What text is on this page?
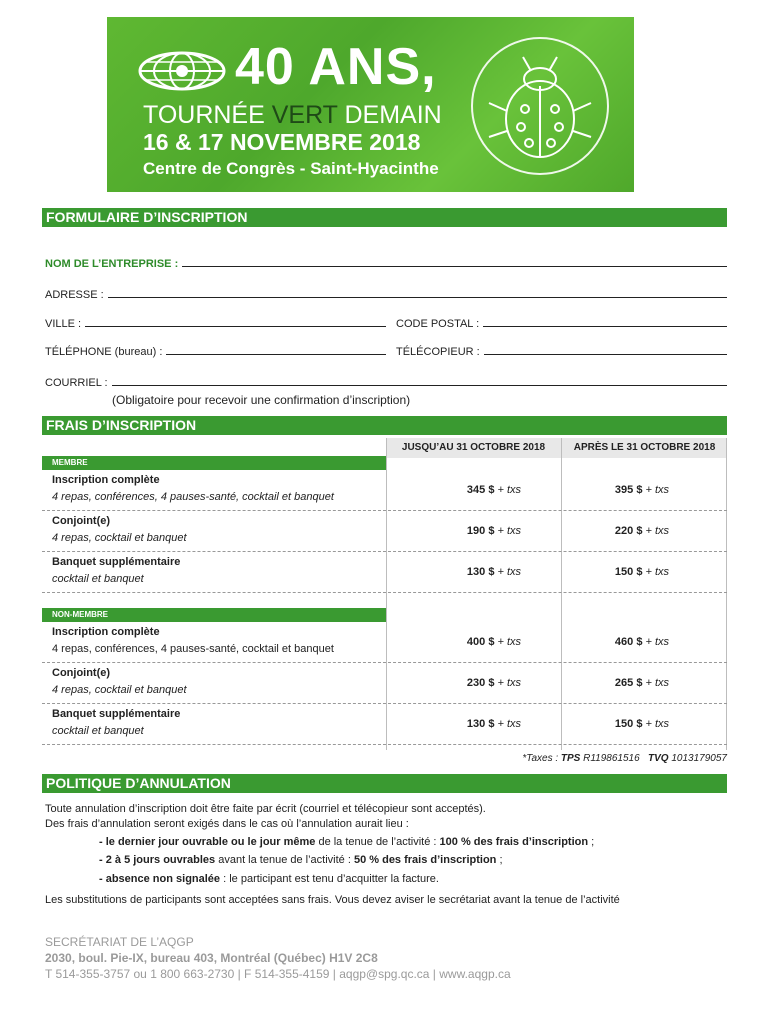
40 ANS,
TOURNÉE VERT DEMAIN
16 & 17 NOVEMBRE 2018
Centre de Congrès - Saint-Hyacinthe
FORMULAIRE D’INSCRIPTION
NOM DE L’ENTREPRISE :
ADRESSE :
VILLE :	CODE POSTAL :
TÉLÉPHONE (bureau) :	TÉLÉCOPIEUR :
COURRIEL :
(Obligatoire pour recevoir une confirmation d’inscription)
FRAIS D’INSCRIPTION
JUSQU’AU 31 OCTOBRE 2018	APRÈS LE 31 OCTOBRE 2018
MEMBRE
Inscription complète
4 repas, conférences, 4 pauses-santé, cocktail et banquet
345 $ + txs	395 $ + txs
Conjoint(e)
4 repas, cocktail et banquet
190 $ + txs	220 $ + txs
Banquet supplémentaire
cocktail et banquet
130 $ + txs	150 $ + txs
NON-MEMBRE
Inscription complète
4 repas, conférences, 4 pauses-santé, cocktail et banquet
400 $ + txs	460 $ + txs
Conjoint(e)
4 repas, cocktail et banquet
230 $ + txs	265 $ + txs
Banquet supplémentaire
cocktail et banquet
130 $ + txs	150 $ + txs
*Taxes : TPS R119861516 TVQ 1013179057
POLITIQUE D’ANNULATION
Toute annulation d’inscription doit être faite par écrit (courriel et télécopieur sont acceptés).
Des frais d’annulation seront exigés dans le cas où l’annulation aurait lieu :
- le dernier jour ouvrable ou le jour même de la tenue de l’activité : 100 % des frais d’inscription ;
- 2 à 5 jours ouvrables avant la tenue de l’activité : 50 % des frais d’inscription ;
- absence non signalée : le participant est tenu d’acquitter la facture.
Les substitutions de participants sont acceptées sans frais. Vous devez aviser le secrétariat avant la tenue de l’activité
SECRÉTARIAT DE L’AQGP
2030, boul. Pie-IX, bureau 403, Montréal (Québec) H1V 2C8
T 514-355-3757 ou 1 800 663-2730 | F 514-355-4159 | aqgp@spg.qc.ca | www.aqgp.ca
